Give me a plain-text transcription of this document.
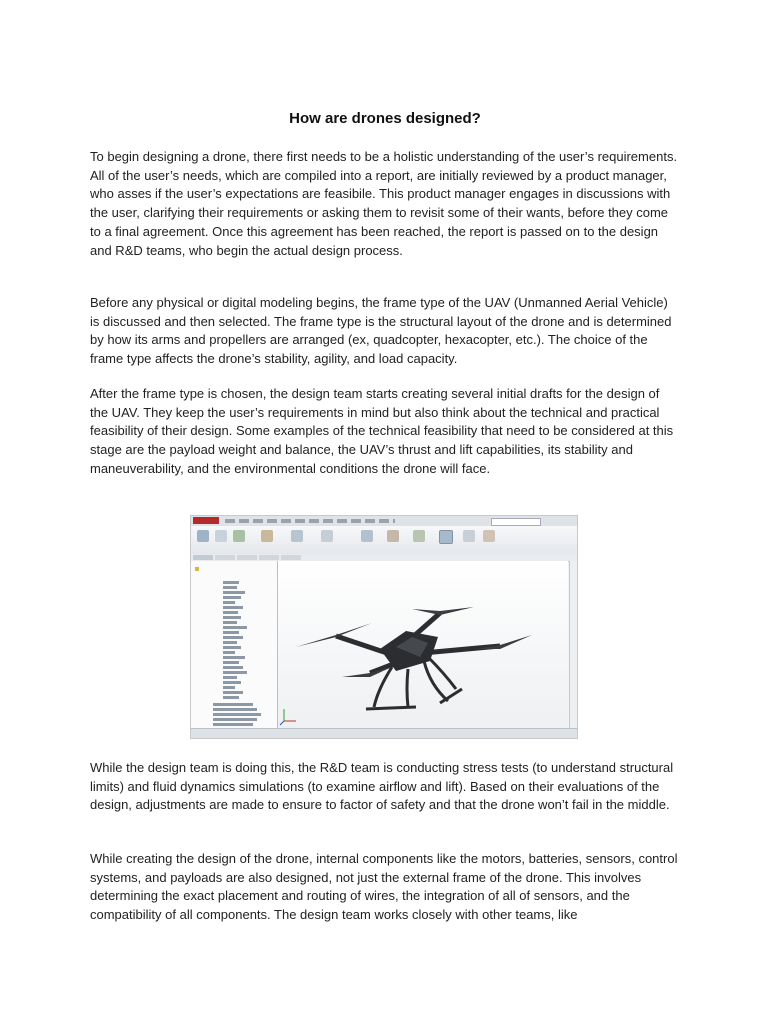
How are drones designed?

To begin designing a drone, there first needs to be a holistic understanding of the user’s requirements. All of the user’s needs, which are compiled into a report, are initially reviewed by a product manager, who asses if the user’s expectations are feasibile. This product manager engages in discussions with the user, clarifying their requirements or asking them to revisit some of their wants, before they come to a final agreement. Once this agreement has been reached, the report is passed on to the design and R&D teams, who begin the actual design process.

Before any physical or digital modeling begins, the frame type of the UAV (Unmanned Aerial Vehicle) is discussed and then selected. The frame type is the structural layout of the drone and is determined by how its arms and propellers are arranged (ex, quadcopter, hexacopter, etc.). The choice of the frame type affects the drone’s stability, agility, and load capacity.

After the frame type is chosen, the design team starts creating several initial drafts for the design of the UAV. They keep the user’s requirements in mind but also think about the technical and practical feasibility of their design. Some examples of the technical feasibility that need to be considered at this stage are the payload weight and balance, the UAV’s thrust and lift capabilities, its stability and maneuverability, and the environmental conditions the drone will face.

While the design team is doing this, the R&D team is conducting stress tests (to understand structural limits) and fluid dynamics simulations (to examine airflow and lift). Based on their evaluations of the design, adjustments are made to ensure to factor of safety and that the drone won’t fail in the middle.

While creating the design of the drone, internal components like the motors, batteries, sensors, control systems, and payloads are also designed, not just the external frame of the drone. This involves determining the exact placement and routing of wires, the integration of all of sensors, and the compatibility of all components. The design team works closely with other teams, like
